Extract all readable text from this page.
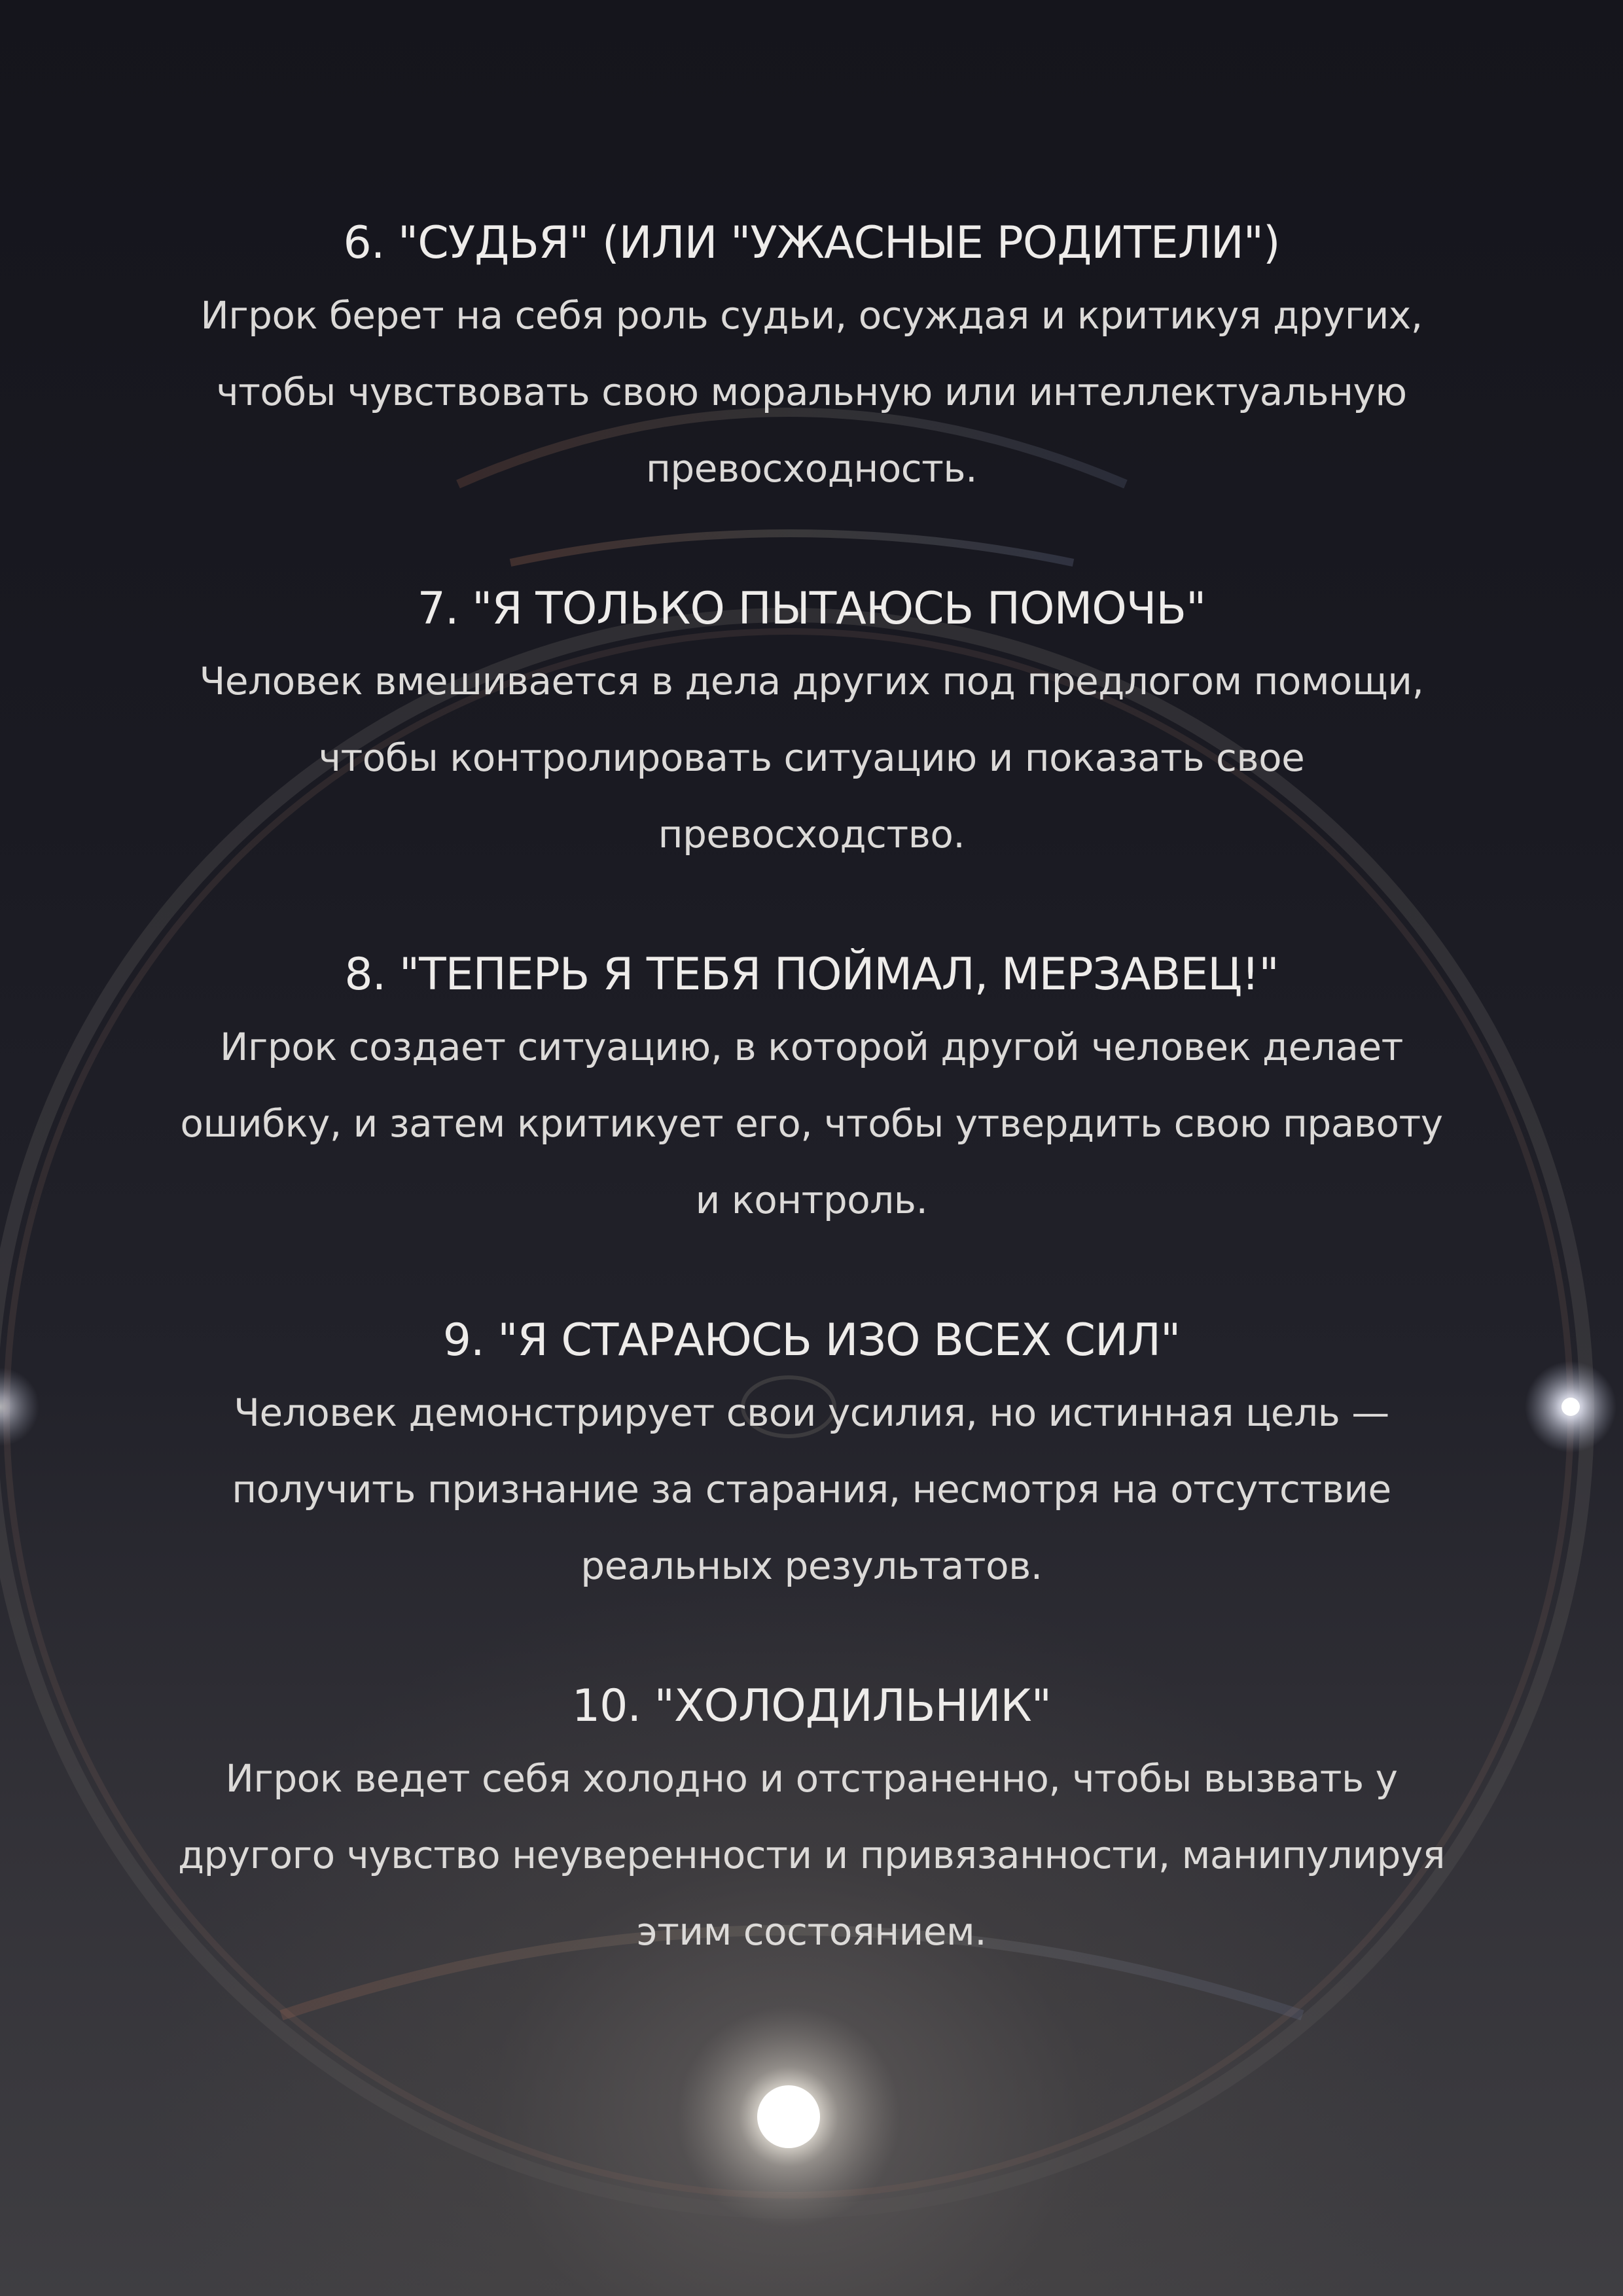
6. "СУДЬЯ" (ИЛИ "УЖАСНЫЕ РОДИТЕЛИ")
Игрок берет на себя роль судьи, осуждая и критикуя других,
чтобы чувствовать свою моральную или интеллектуальную
превосходность.
7. "Я ТОЛЬКО ПЫТАЮСЬ ПОМОЧЬ"
Человек вмешивается в дела других под предлогом помощи,
чтобы контролировать ситуацию и показать свое
превосходство.
8. "ТЕПЕРЬ Я ТЕБЯ ПОЙМАЛ, МЕРЗАВЕЦ!"
Игрок создает ситуацию, в которой другой человек делает
ошибку, и затем критикует его, чтобы утвердить свою правоту
и контроль.
9. "Я СТАРАЮСЬ ИЗО ВСЕХ СИЛ"
Человек демонстрирует свои усилия, но истинная цель —
получить признание за старания, несмотря на отсутствие
реальных результатов.
10. "ХОЛОДИЛЬНИК"
Игрок ведет себя холодно и отстраненно, чтобы вызвать у
другого чувство неуверенности и привязанности, манипулируя
этим состоянием.
